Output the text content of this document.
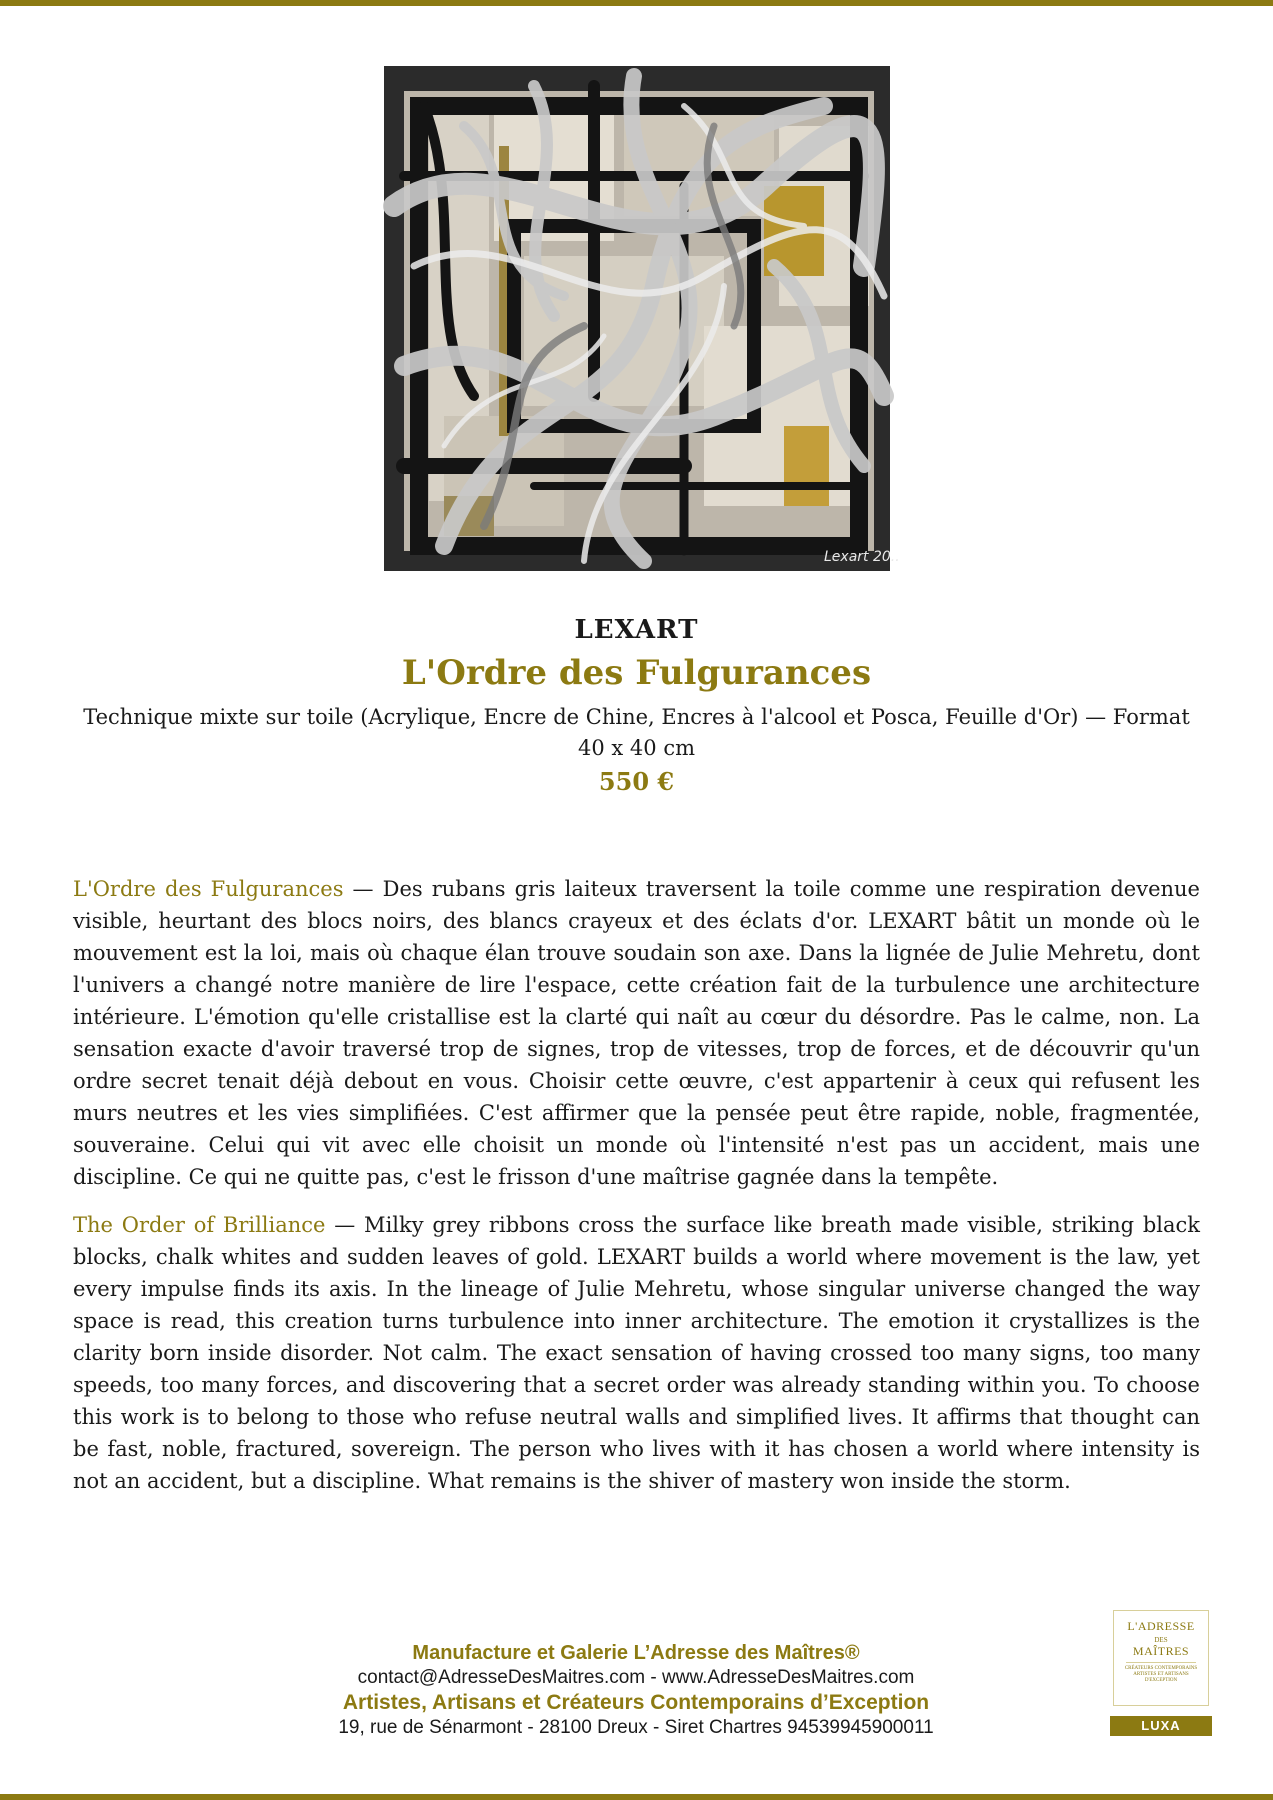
Lexart 20..
LEXART
L'Ordre des Fulgurances
Technique mixte sur toile (Acrylique, Encre de Chine, Encres à l'alcool et Posca, Feuille d'Or) — Format 40 x 40 cm
550 €

L'Ordre des Fulgurances — Des rubans gris laiteux traversent la toile comme une respiration devenue visible, heurtant des blocs noirs, des blancs crayeux et des éclats d'or. LEXART bâtit un monde où le mouvement est la loi, mais où chaque élan trouve soudain son axe. Dans la lignée de Julie Mehretu, dont l'univers a changé notre manière de lire l'espace, cette création fait de la turbulence une architecture intérieure. L'émotion qu'elle cristallise est la clarté qui naît au cœur du désordre. Pas le calme, non. La sensation exacte d'avoir traversé trop de signes, trop de vitesses, trop de forces, et de découvrir qu'un ordre secret tenait déjà debout en vous. Choisir cette œuvre, c'est appartenir à ceux qui refusent les murs neutres et les vies simplifiées. C'est affirmer que la pensée peut être rapide, noble, fragmentée, souveraine. Celui qui vit avec elle choisit un monde où l'intensité n'est pas un accident, mais une discipline. Ce qui ne quitte pas, c'est le frisson d'une maîtrise gagnée dans la tempête.

The Order of Brilliance — Milky grey ribbons cross the surface like breath made visible, striking black blocks, chalk whites and sudden leaves of gold. LEXART builds a world where movement is the law, yet every impulse finds its axis. In the lineage of Julie Mehretu, whose singular universe changed the way space is read, this creation turns turbulence into inner architecture. The emotion it crystallizes is the clarity born inside disorder. Not calm. The exact sensation of having crossed too many signs, too many speeds, too many forces, and discovering that a secret order was already standing within you. To choose this work is to belong to those who refuse neutral walls and simplified lives. It affirms that thought can be fast, noble, fractured, sovereign. The person who lives with it has chosen a world where intensity is not an accident, but a discipline. What remains is the shiver of mastery won inside the storm.

Manufacture et Galerie L’Adresse des Maîtres®
contact@AdresseDesMaitres.com - www.AdresseDesMaitres.com
Artistes, Artisans et Créateurs Contemporains d’Exception
19, rue de Sénarmont - 28100 Dreux - Siret Chartres 94539945900011
L'ADRESSE
DES
MAÎTRES
CRÉATEURS CONTEMPORAINS ARTISTES ET ARTISANS D'EXCEPTION
LUXA
